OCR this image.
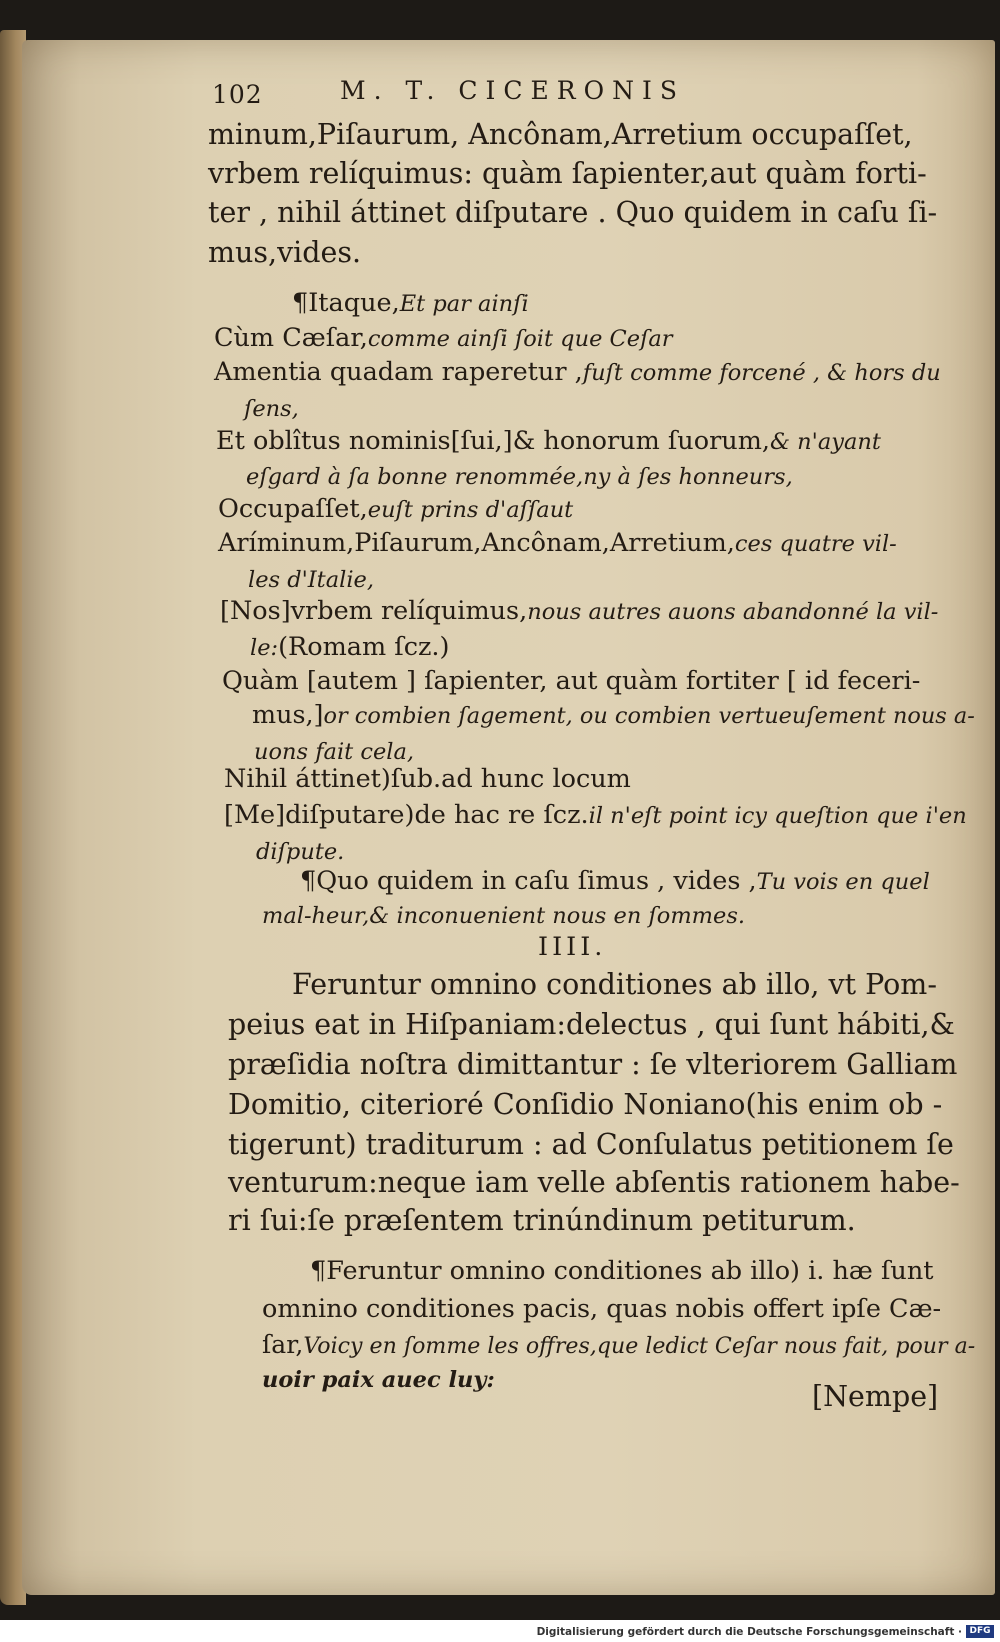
102	M. T. CICERONIS
minum,Piſaurum, Ancônam,Arretium occupaſſet,
vrbem relíquimus: quàm ſapienter,aut quàm forti-
ter , nihil áttinet diſputare . Quo quidem in caſu ſi-
mus,vides.
¶Itaque,Et par ainſi
Cùm Cæſar,comme ainſi ſoit que Ceſar
Amentia quadam raperetur ,fuſt comme forcené , & hors du
ſens,
Et oblîtus nominis[ſui,]& honorum ſuorum,& n'ayant
eſgard à ſa bonne renommée,ny à ſes honneurs,
Occupaſſet,euſt prins d'aſſaut
Aríminum,Piſaurum,Ancônam,Arretium,ces quatre vil-
les d'Italie,
[Nos]vrbem relíquimus,nous autres auons abandonné la vil-
le:(Romam ſcz.)
Quàm [autem ] ſapienter, aut quàm fortiter [ id feceri-
mus,]or combien ſagement, ou combien vertueuſement nous a-
uons fait cela,
Nihil áttinet)ſub.ad hunc locum
[Me]diſputare)de hac re ſcz.il n'eſt point icy queſtion que i'en
diſpute.
¶Quo quidem in caſu ſimus , vides ,Tu vois en quel
mal-heur,& inconuenient nous en ſommes.
IIII.
Feruntur omnino conditiones ab illo, vt Pom-
peius eat in Hiſpaniam:delectus , qui ſunt hábiti,&
præſidia noſtra dimittantur : ſe vlteriorem Galliam
Domitio, citerioré Conſidio Noniano(his enim ob -
tigerunt) traditurum : ad Conſulatus petitionem ſe
venturum:neque iam velle abſentis rationem habe-
ri ſui:ſe præſentem trinúndinum petiturum.
¶Feruntur omnino conditiones ab illo) i. hæ ſunt
omnino conditiones pacis, quas nobis offert ipſe Cæ-
ſar,Voicy en ſomme les offres,que ledict Ceſar nous fait, pour a-
uoir paix auec luy:	[Nempe]
Digitalisierung gefördert durch die Deutsche Forschungsgemeinschaft · DFG
